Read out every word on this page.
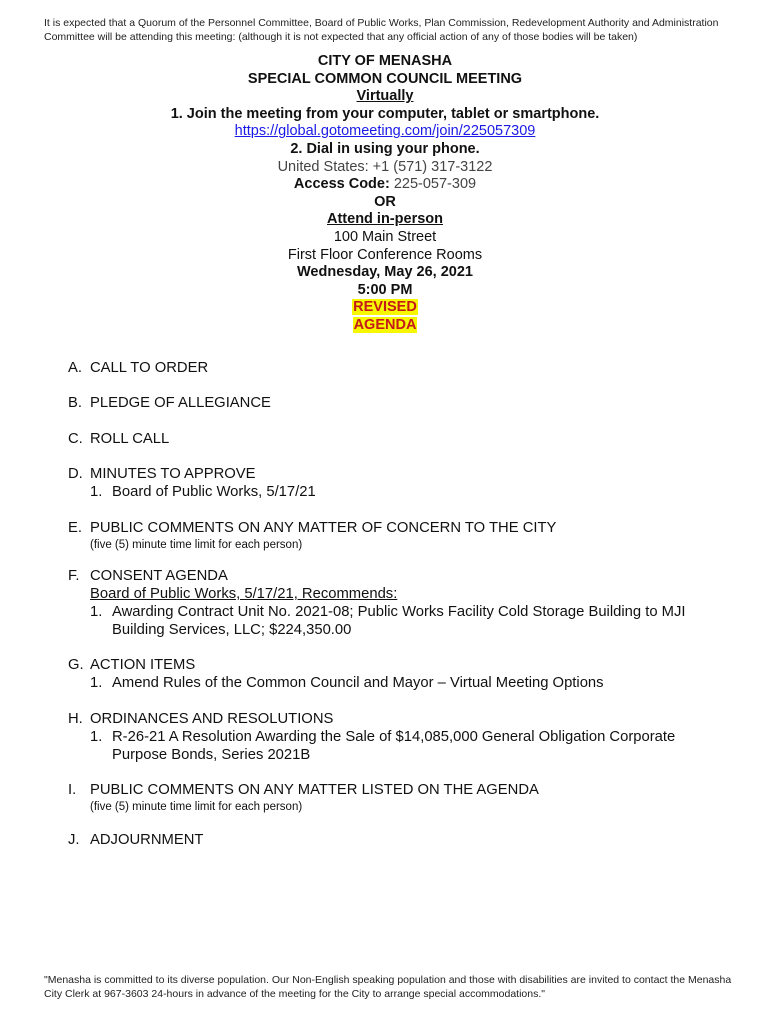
It is expected that a Quorum of the Personnel Committee, Board of Public Works, Plan Commission, Redevelopment Authority and Administration Committee will be attending this meeting: (although it is not expected that any official action of any of those bodies will be taken)
CITY OF MENASHA
SPECIAL COMMON COUNCIL MEETING
Virtually
1. Join the meeting from your computer, tablet or smartphone.
https://global.gotomeeting.com/join/225057309
2. Dial in using your phone.
United States: +1 (571) 317-3122
Access Code: 225-057-309
OR
Attend in-person
100 Main Street
First Floor Conference Rooms
Wednesday, May 26, 2021
5:00 PM
REVISED
AGENDA
A. CALL TO ORDER
B. PLEDGE OF ALLEGIANCE
C. ROLL CALL
D. MINUTES TO APPROVE
1. Board of Public Works, 5/17/21
E. PUBLIC COMMENTS ON ANY MATTER OF CONCERN TO THE CITY
(five (5) minute time limit for each person)
F. CONSENT AGENDA
Board of Public Works, 5/17/21, Recommends:
1. Awarding Contract Unit No. 2021-08; Public Works Facility Cold Storage Building to MJI
Building Services, LLC; $224,350.00
G. ACTION ITEMS
1. Amend Rules of the Common Council and Mayor – Virtual Meeting Options
H. ORDINANCES AND RESOLUTIONS
1. R-26-21 A Resolution Awarding the Sale of $14,085,000 General Obligation Corporate
Purpose Bonds, Series 2021B
I. PUBLIC COMMENTS ON ANY MATTER LISTED ON THE AGENDA
(five (5) minute time limit for each person)
J. ADJOURNMENT
"Menasha is committed to its diverse population. Our Non-English speaking population and those with disabilities are invited to contact the Menasha City Clerk at 967-3603 24-hours in advance of the meeting for the City to arrange special accommodations."
